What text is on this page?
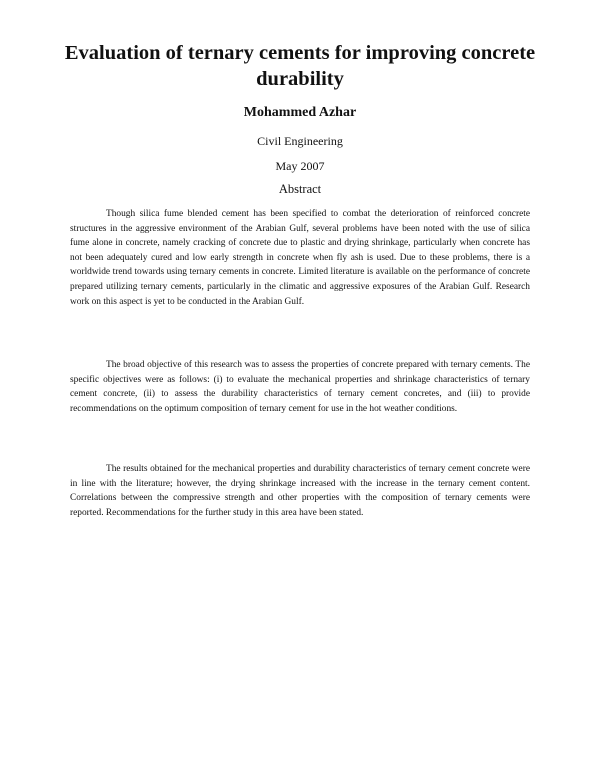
Evaluation of ternary cements for improving concrete durability
Mohammed Azhar
Civil Engineering
May 2007
Abstract

Though silica fume blended cement has been specified to combat the deterioration of reinforced concrete structures in the aggressive environment of the Arabian Gulf, several problems have been noted with the use of silica fume alone in concrete, namely cracking of concrete due to plastic and drying shrinkage, particularly when concrete has not been adequately cured and low early strength in concrete when fly ash is used. Due to these problems, there is a worldwide trend towards using ternary cements in concrete. Limited literature is available on the performance of concrete prepared utilizing ternary cements, particularly in the climatic and aggressive exposures of the Arabian Gulf. Research work on this aspect is yet to be conducted in the Arabian Gulf.

The broad objective of this research was to assess the properties of concrete prepared with ternary cements. The specific objectives were as follows: (i) to evaluate the mechanical properties and shrinkage characteristics of ternary cement concrete, (ii) to assess the durability characteristics of ternary cement concretes, and (iii) to provide recommendations on the optimum composition of ternary cement for use in the hot weather conditions.

The results obtained for the mechanical properties and durability characteristics of ternary cement concrete were in line with the literature; however, the drying shrinkage increased with the increase in the ternary cement content. Correlations between the compressive strength and other properties with the composition of ternary cements were reported. Recommendations for the further study in this area have been stated.
